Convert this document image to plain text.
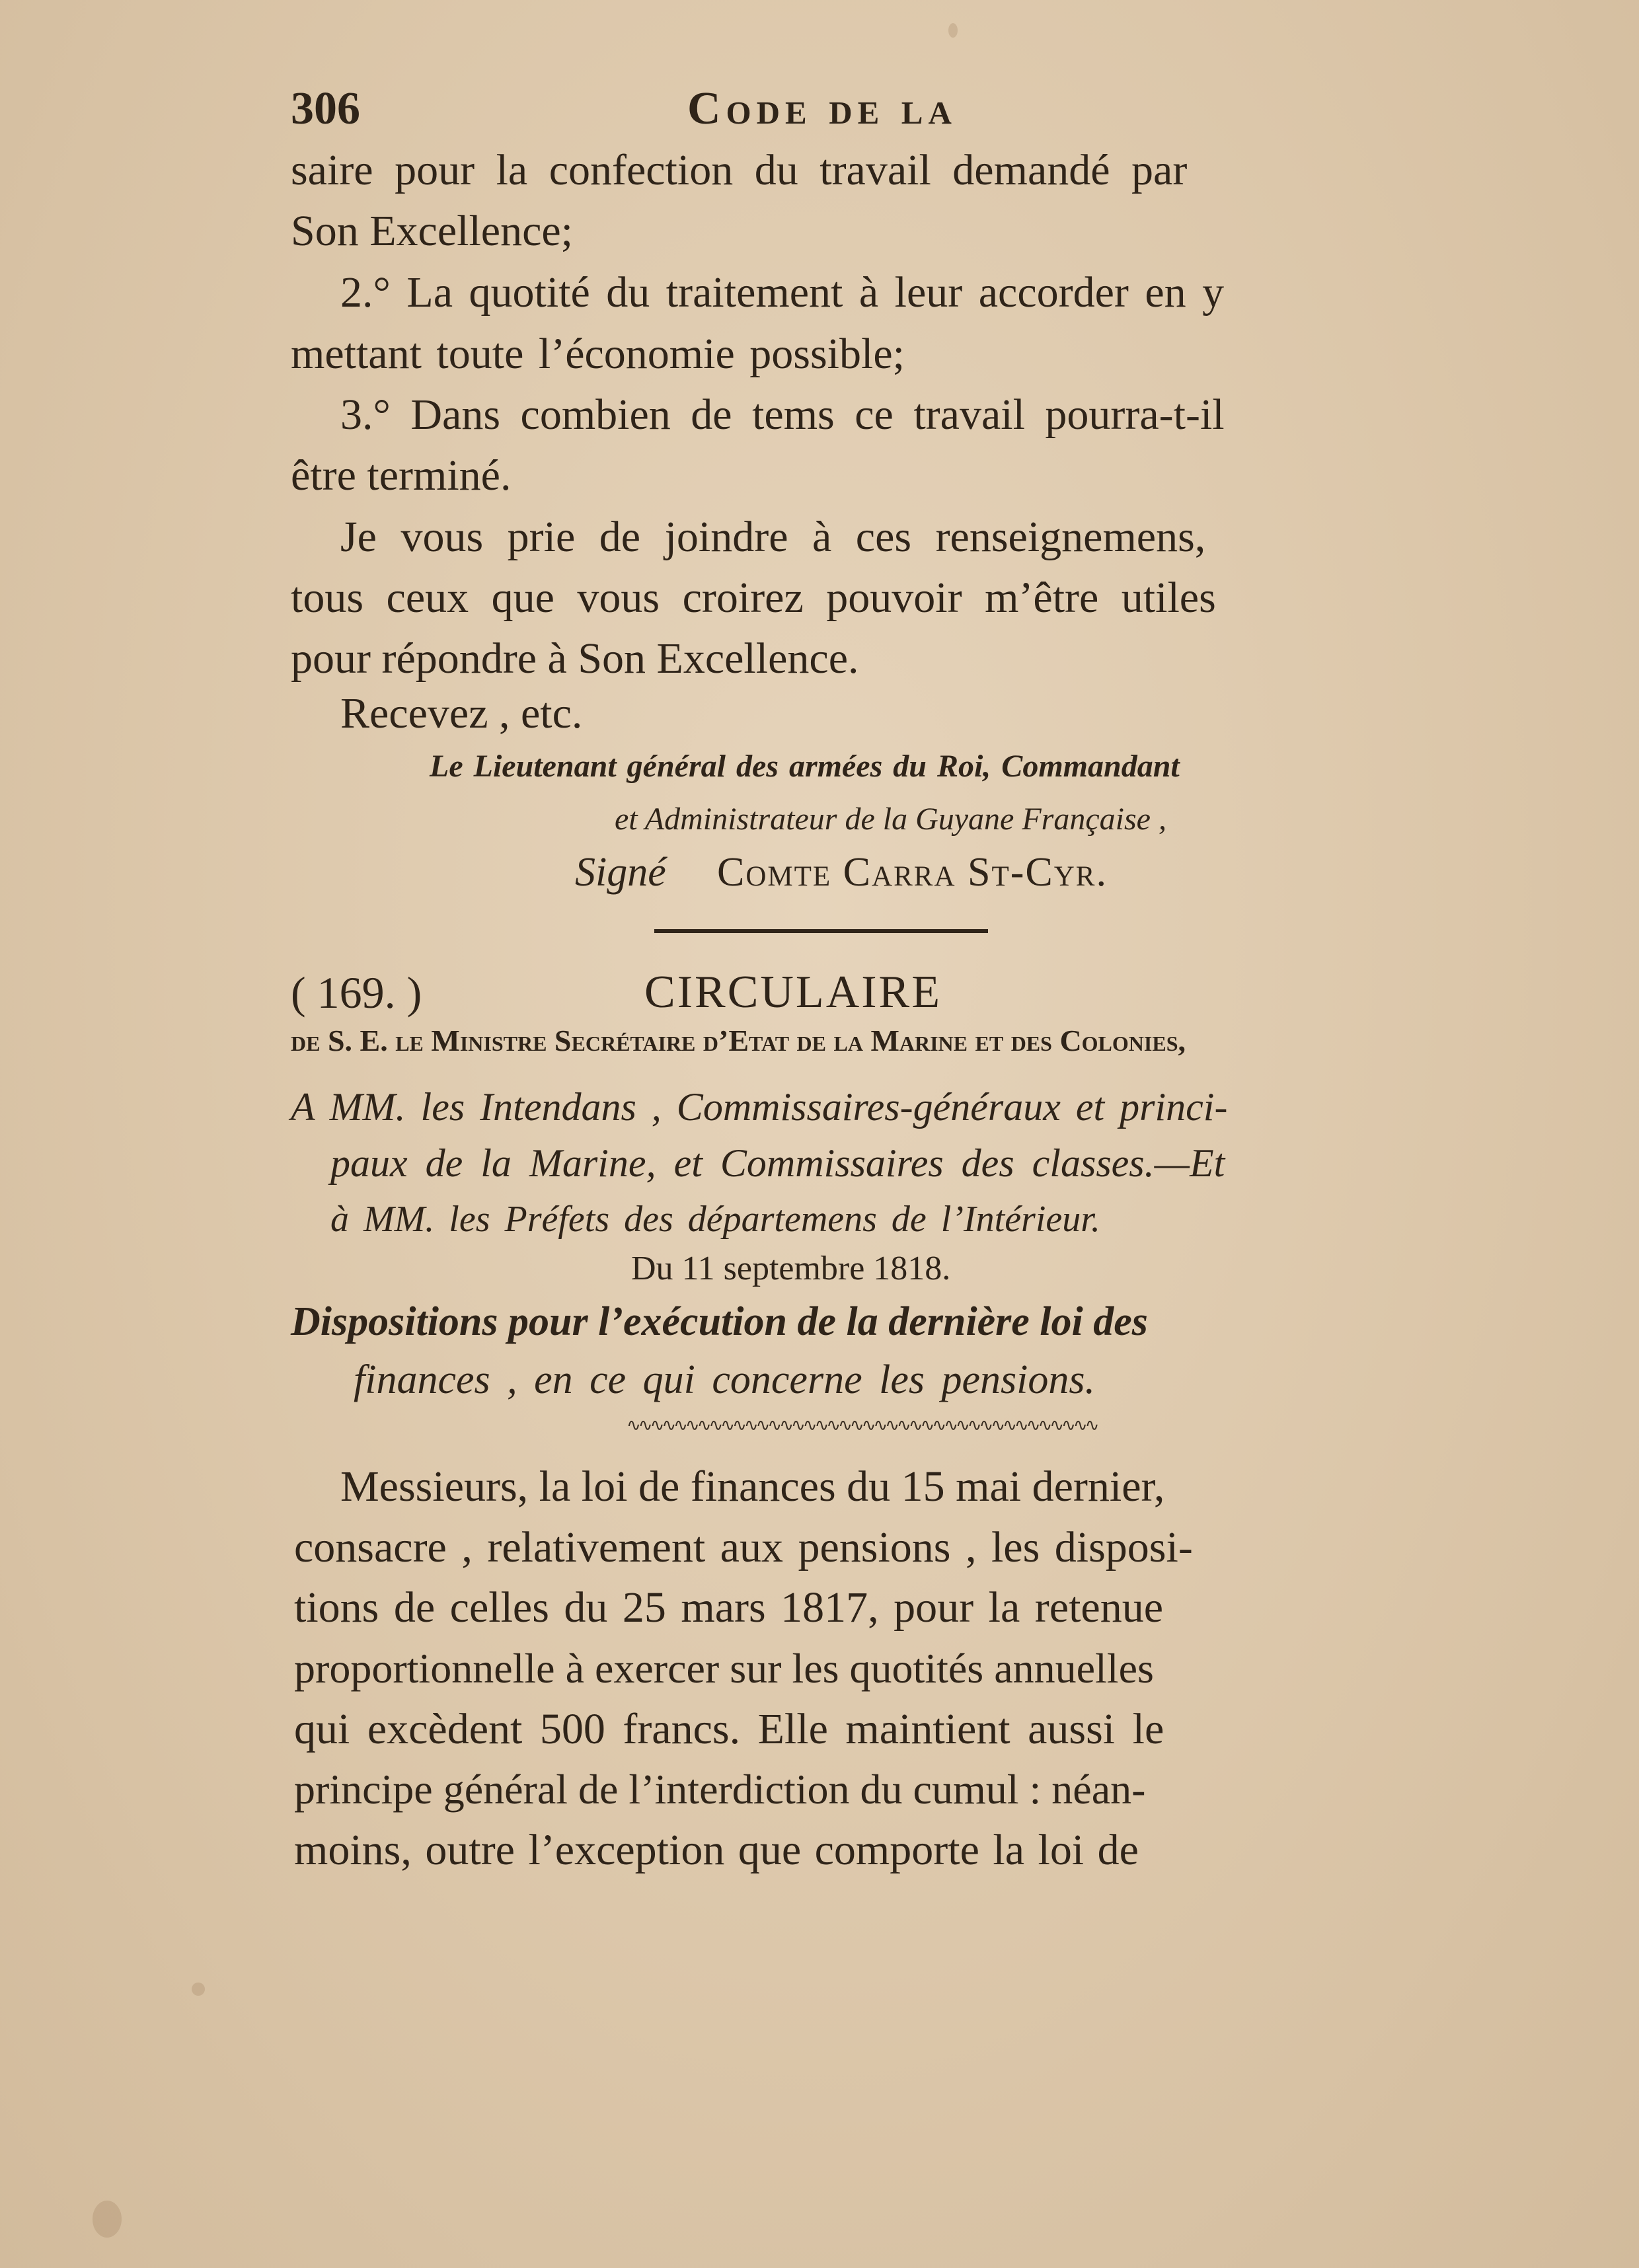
306	Code de la
saire pour la confection du travail demandé par
Son Excellence;
2.° La quotité du traitement à leur accorder en y
mettant toute l’économie possible;
3.° Dans combien de tems ce travail pourra-t-il
être terminé.
Je vous prie de joindre à ces renseignemens,
tous ceux que vous croirez pouvoir m’être utiles
pour répondre à Son Excellence.
Recevez , etc.
Le Lieutenant général des armées du Roi, Commandant
et Administrateur de la Guyane Française ,
Signé Comte Carra St-Cyr.
( 169. )	CIRCULAIRE
de S. E. le Ministre Secrétaire d’Etat de la Marine et des Colonies,
A MM. les Intendans , Commissaires-généraux et princi-
paux de la Marine, et Commissaires des classes.—Et
à MM. les Préfets des départemens de l’Intérieur.
Du 11 septembre 1818.
Dispositions pour l’exécution de la dernière loi des
finances , en ce qui concerne les pensions.
∿∿∿∿∿∿∿∿∿∿∿∿∿∿∿∿∿∿∿∿∿∿∿∿∿∿∿∿∿∿∿∿∿∿∿∿∿∿∿∿
Messieurs, la loi de finances du 15 mai dernier,
consacre , relativement aux pensions , les disposi-
tions de celles du 25 mars 1817, pour la retenue
proportionnelle à exercer sur les quotités annuelles
qui excèdent 500 francs. Elle maintient aussi le
principe général de l’interdiction du cumul : néan-
moins, outre l’exception que comporte la loi de
